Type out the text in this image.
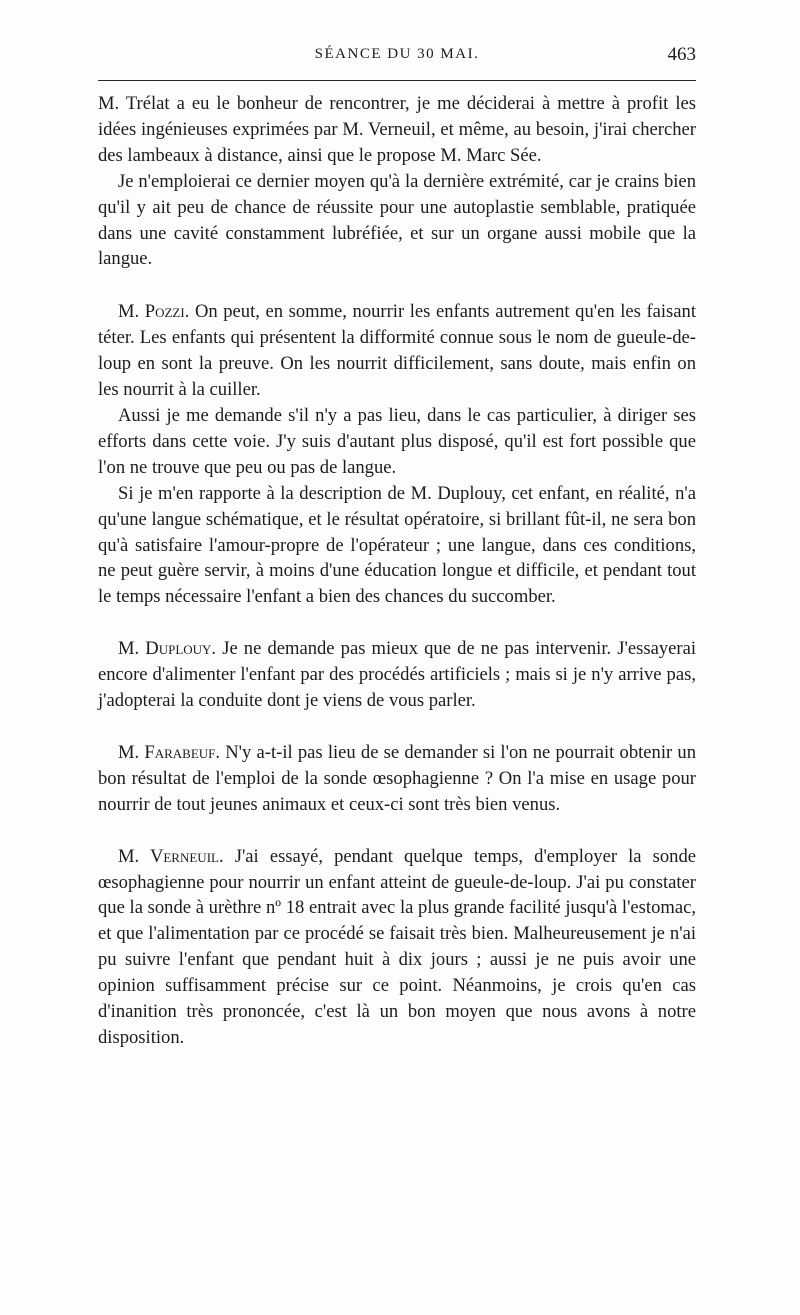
SÉANCE DU 30 MAI.	463

M. Trélat a eu le bonheur de rencontrer, je me déciderai à mettre à profit les idées ingénieuses exprimées par M. Verneuil, et même, au besoin, j'irai chercher des lambeaux à distance, ainsi que le propose M. Marc Sée.

Je n'emploierai ce dernier moyen qu'à la dernière extrémité, car je crains bien qu'il y ait peu de chance de réussite pour une autoplastie semblable, pratiquée dans une cavité constamment lubréfiée, et sur un organe aussi mobile que la langue.

M. Pozzi. On peut, en somme, nourrir les enfants autrement qu'en les faisant téter. Les enfants qui présentent la difformité connue sous le nom de gueule-de-loup en sont la preuve. On les nourrit difficilement, sans doute, mais enfin on les nourrit à la cuiller.

Aussi je me demande s'il n'y a pas lieu, dans le cas particulier, à diriger ses efforts dans cette voie. J'y suis d'autant plus disposé, qu'il est fort possible que l'on ne trouve que peu ou pas de langue.

Si je m'en rapporte à la description de M. Duplouy, cet enfant, en réalité, n'a qu'une langue schématique, et le résultat opératoire, si brillant fût-il, ne sera bon qu'à satisfaire l'amour-propre de l'opérateur ; une langue, dans ces conditions, ne peut guère servir, à moins d'une éducation longue et difficile, et pendant tout le temps nécessaire l'enfant a bien des chances du succomber.

M. Duplouy. Je ne demande pas mieux que de ne pas intervenir. J'essayerai encore d'alimenter l'enfant par des procédés artificiels ; mais si je n'y arrive pas, j'adopterai la conduite dont je viens de vous parler.

M. Farabeuf. N'y a-t-il pas lieu de se demander si l'on ne pourrait obtenir un bon résultat de l'emploi de la sonde œsophagienne ? On l'a mise en usage pour nourrir de tout jeunes animaux et ceux-ci sont très bien venus.

M. Verneuil. J'ai essayé, pendant quelque temps, d'employer la sonde œsophagienne pour nourrir un enfant atteint de gueule-de-loup. J'ai pu constater que la sonde à urèthre nº 18 entrait avec la plus grande facilité jusqu'à l'estomac, et que l'alimentation par ce procédé se faisait très bien. Malheureusement je n'ai pu suivre l'enfant que pendant huit à dix jours ; aussi je ne puis avoir une opinion suffisamment précise sur ce point. Néanmoins, je crois qu'en cas d'inanition très prononcée, c'est là un bon moyen que nous avons à notre disposition.
